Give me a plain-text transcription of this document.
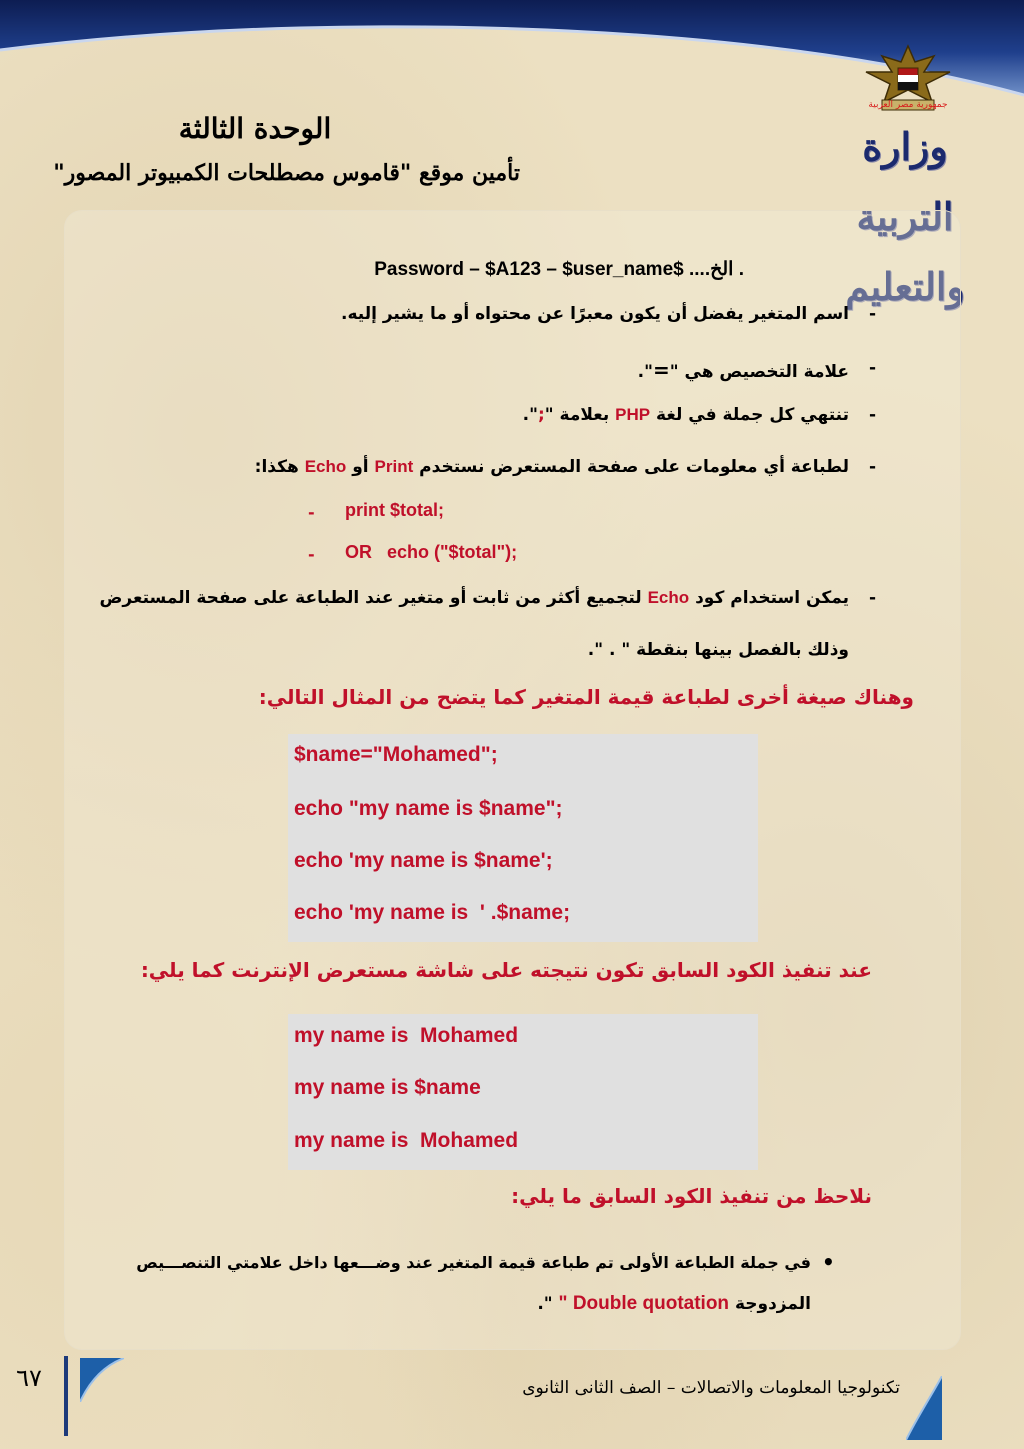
جمهورية مصر العربية
وزارة التربية والتعليم
الوحدة الثالثة
تأمين موقع "قاموس مصطلحات الكمبيوتر المصور"
. الخ.... $Password – $A123 – $user_name
-
اسم المتغير يفضل أن يكون معبرًا عن محتواه أو ما يشير إليه.
-
علامة التخصيص هي "=".
-
تنتهي كل جملة في لغة PHP بعلامة ";".
-
لطباعة أي معلومات على صفحة المستعرض نستخدم Print أو Echo هكذا:
- print $total;
- OR echo ("$total");
-
يمكن استخدام كود Echo لتجميع أكثر من ثابت أو متغير عند الطباعة على صفحة المستعرض
وذلك بالفصل بينها بنقطة " . ".
وهناك صيغة أخرى لطباعة قيمة المتغير كما يتضح من المثال التالي:
$name="Mohamed";
echo "my name is $name";
echo 'my name is $name';
echo 'my name is  ' .$name;
عند تنفيذ الكود السابق تكون نتيجته على شاشة مستعرض الإنترنت كما يلي:
my name is  Mohamed
my name is $name
my name is  Mohamed
نلاحظ من تنفيذ الكود السابق ما يلي:
•
في جملة الطباعة الأولى تم طباعة قيمة المتغير عند وضـــعها داخل علامتي التنصـــيص
المزدوجة " Double quotation ".
٦٧	تكنولوجيا المعلومات والاتصالات – الصف الثانى الثانوى
